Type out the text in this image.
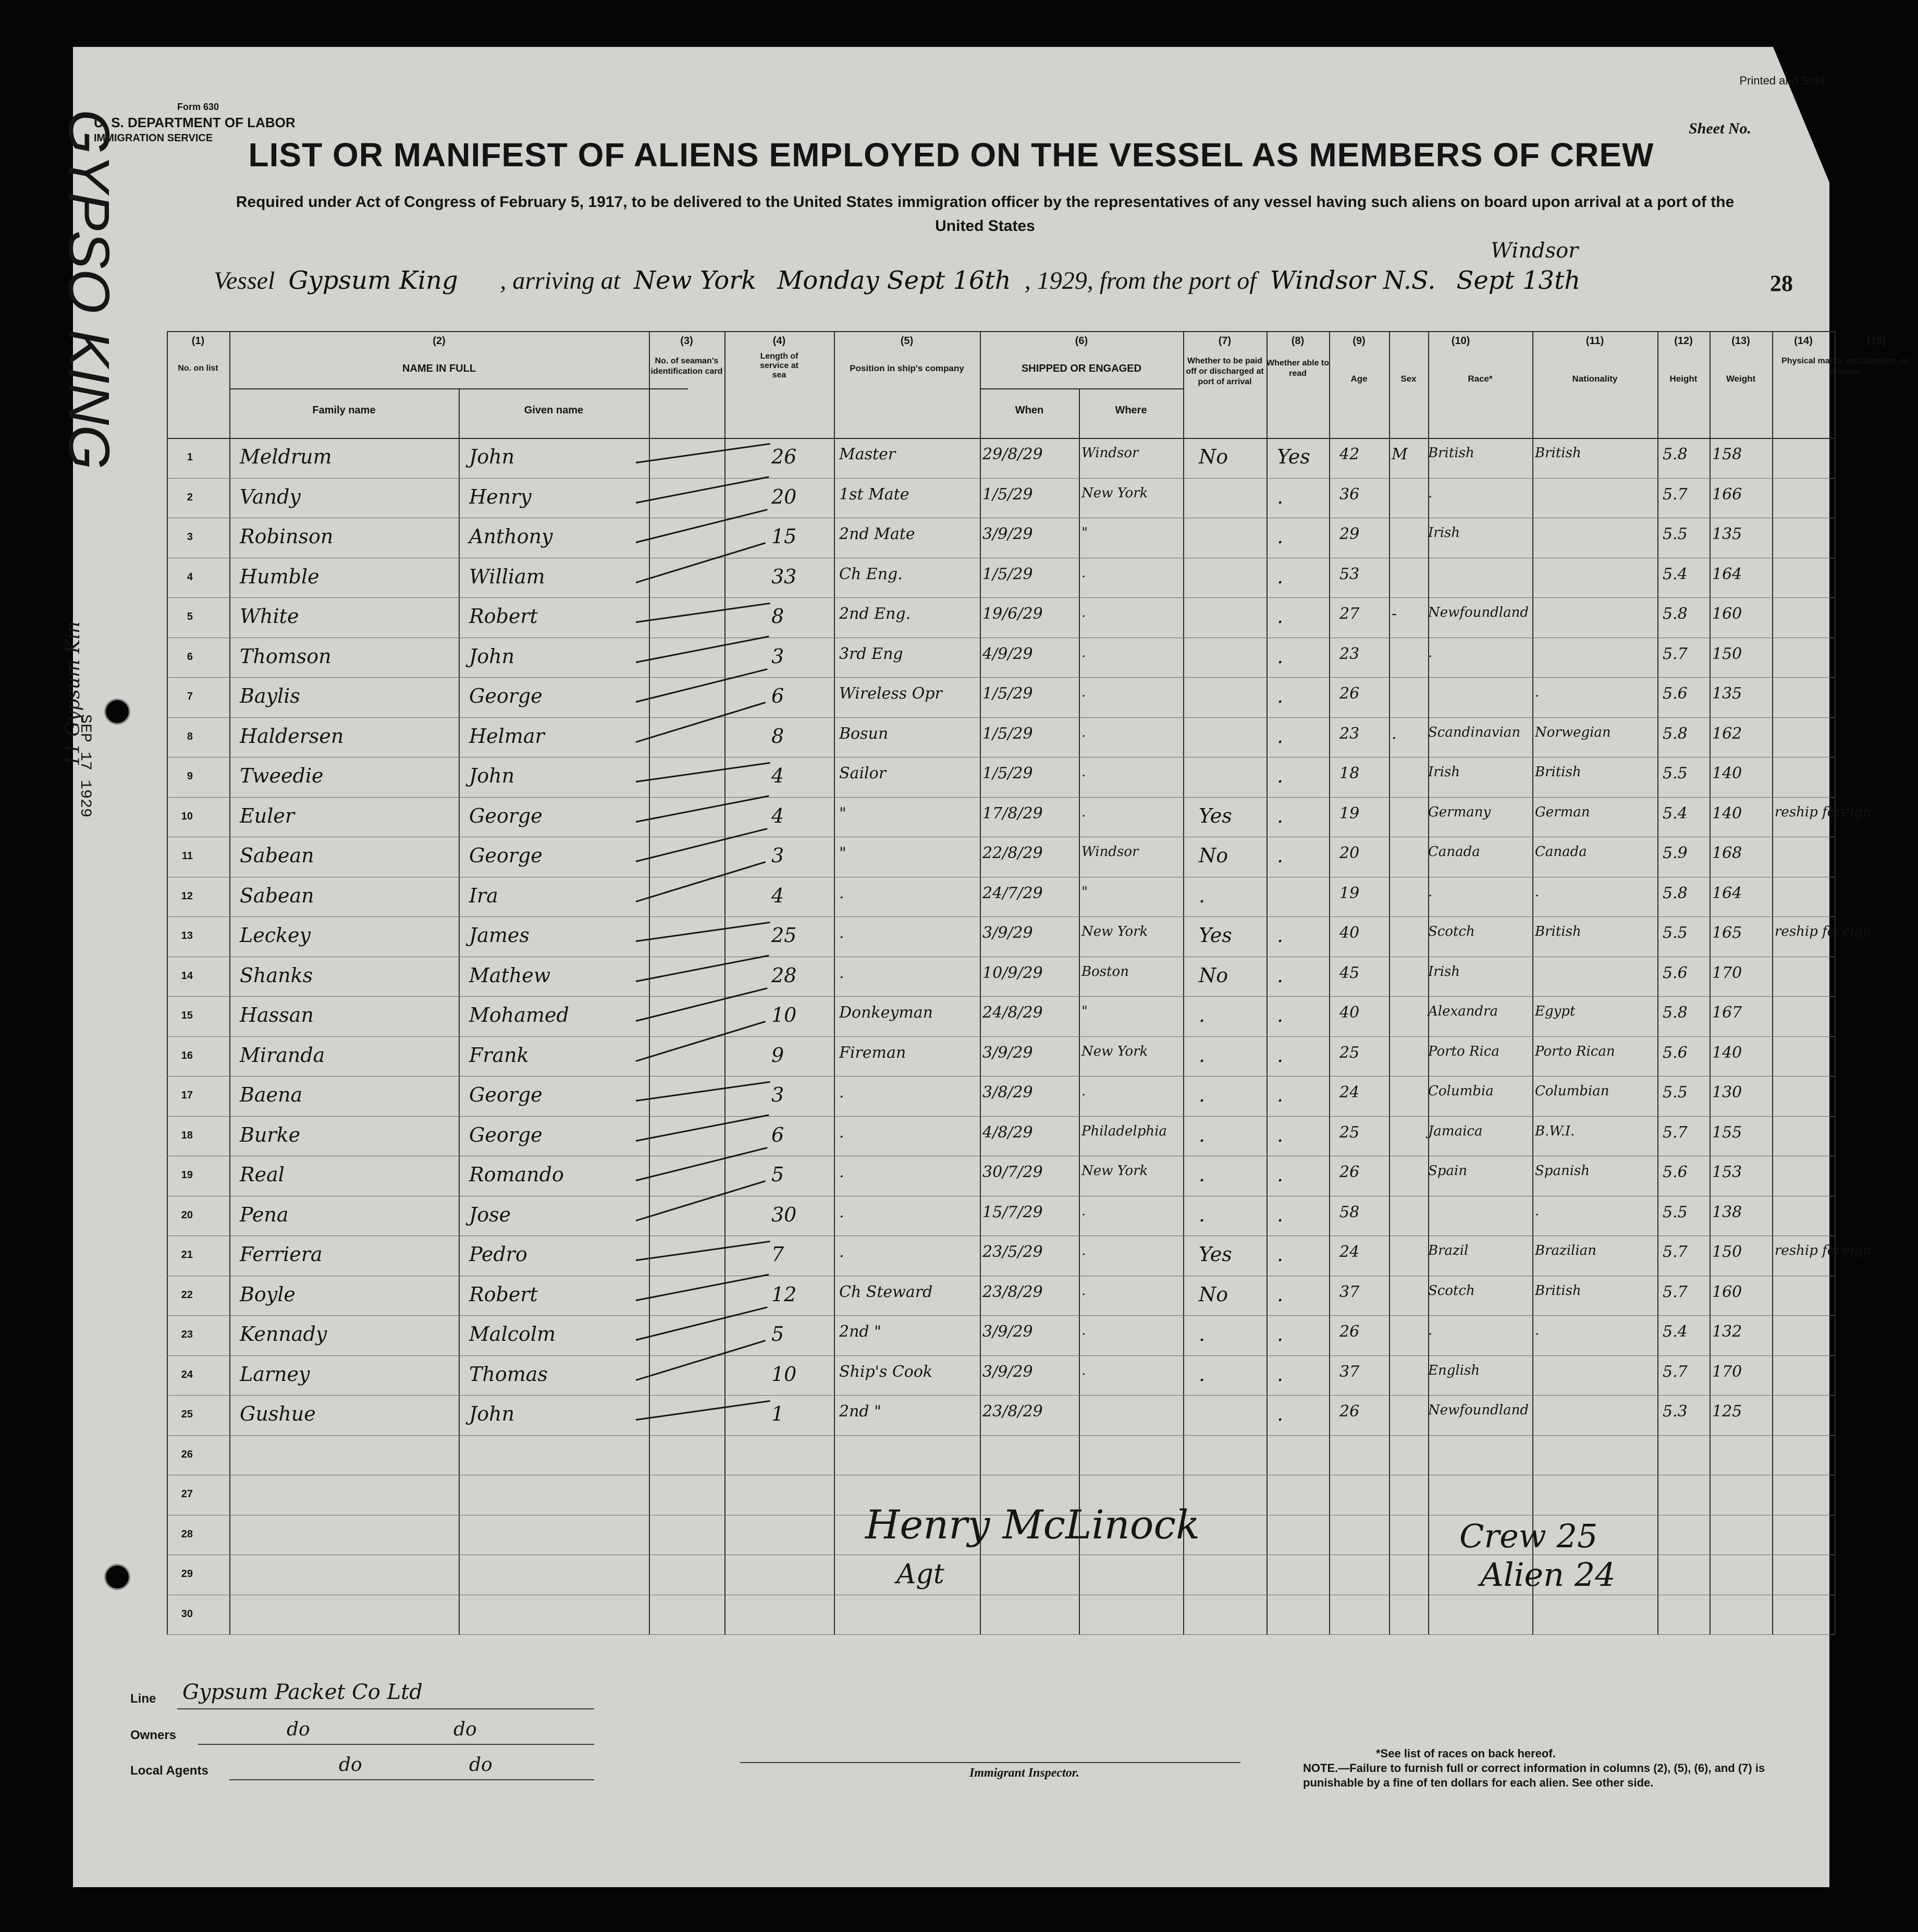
Form 630
U. S. DEPARTMENT OF LABOR
IMMIGRATION SERVICE
Printed and Sold
Sheet No.
LIST OR MANIFEST OF ALIENS EMPLOYED ON THE VESSEL AS MEMBERS OF CREW
Required under Act of Congress of February 5, 1917, to be delivered to the United States immigration officer by the representatives of any vessel having such aliens on board upon arrival at a port of the United States
Windsor
Vessel Gypsum King , arriving at New York Monday Sept 16th , 1929, from the port of Windsor N.S. Sept 13th	28
GYPSO KING
SEP 17 1929
11 Gypsum Kin
(1)	(2)	(3)	(4)	(5)	(6)	(7)	(8)	(9)	(10)	(11)	(12)	(13)	(14)	(15)
No. on list	NAME IN FULL
Family name	Given name
No. of seaman's identification card
Length of service at sea
Position in ship's company	SHIPPED OR ENGAGED
When	Where
Whether to be paid off or discharged at port of arrival
Whether able to read
Age	Sex	Race*	Nationality	Height	Weight
Physical marks, peculiarities, or disease
1 Meldrum	John	26	Master	29/8/29	Windsor	No	Yes	42	M	British	British	5.8	158
2 Vandy	Henry	20	1st Mate	1/5/29	New York	.	36	.	5.7	166
3 Robinson	Anthony	15	2nd Mate	3/9/29	"	.	29	Irish	5.5	135
4 Humble	William	33	Ch Eng.	1/5/29	.	.	53	5.4	164
5 White	Robert	8	2nd Eng.	19/6/29	.	.	27	-	Newfoundland	5.8	160
6 Thomson	John	3	3rd Eng	4/9/29	.	.	23	.	5.7	150
7 Baylis	George	6	Wireless Opr	1/5/29	.	.	26	.	5.6	135
8 Haldersen	Helmar	8	Bosun	1/5/29	.	.	23	.	Scandinavian	Norwegian	5.8	162
9 Tweedie	John	4	Sailor	1/5/29	.	.	18	Irish	British	5.5	140
10 Euler	George	4	"	17/8/29	.	Yes	.	19	Germany	German	5.4	140	reship foreign
11 Sabean	George	3	"	22/8/29	Windsor	No	.	20	Canada	Canada	5.9	168
12 Sabean	Ira	4	.	24/7/29	"	.	19	.	.	5.8	164
13 Leckey	James	25	.	3/9/29	New York	Yes	.	40	Scotch	British	5.5	165	reship foreign
14 Shanks	Mathew	28	.	10/9/29	Boston	No	.	45	Irish	5.6	170
15 Hassan	Mohamed	10	Donkeyman	24/8/29	"	.	.	40	Alexandra	Egypt	5.8	167
16 Miranda	Frank	9	Fireman	3/9/29	New York	.	.	25	Porto Rica	Porto Rican	5.6	140
17 Baena	George	3	.	3/8/29	.	.	.	24	Columbia	Columbian	5.5	130
18 Burke	George	6	.	4/8/29	Philadelphia	.	.	25	Jamaica	B.W.I.	5.7	155
19 Real	Romando	5	.	30/7/29	New York	.	.	26	Spain	Spanish	5.6	153
20 Pena	Jose	30	.	15/7/29	.	.	.	58	.	5.5	138
21 Ferriera	Pedro	7	.	23/5/29	.	Yes	.	24	Brazil	Brazilian	5.7	150	reship foreign
22 Boyle	Robert	12	Ch Steward	23/8/29	.	No	.	37	Scotch	British	5.7	160
23 Kennady	Malcolm	5	2nd "	3/9/29	.	.	.	26	.	.	5.4	132
24 Larney	Thomas	10	Ship's Cook	3/9/29	.	.	.	37	English	5.7	170
25 Gushue	John	1	2nd "	23/8/29	.	26	Newfoundland	5.3	125
26
27
28
29
30
Henry McLinock
Agt
Crew 25
Alien 24
Line Gypsum Packet Co Ltd
Owners	do	do
Local Agents	do	do	Immigrant Inspector.
*See list of races on back hereof.
NOTE.—Failure to furnish full or correct information in columns (2), (5), (6), and (7) is punishable by a fine of ten dollars for each alien. See other side.
